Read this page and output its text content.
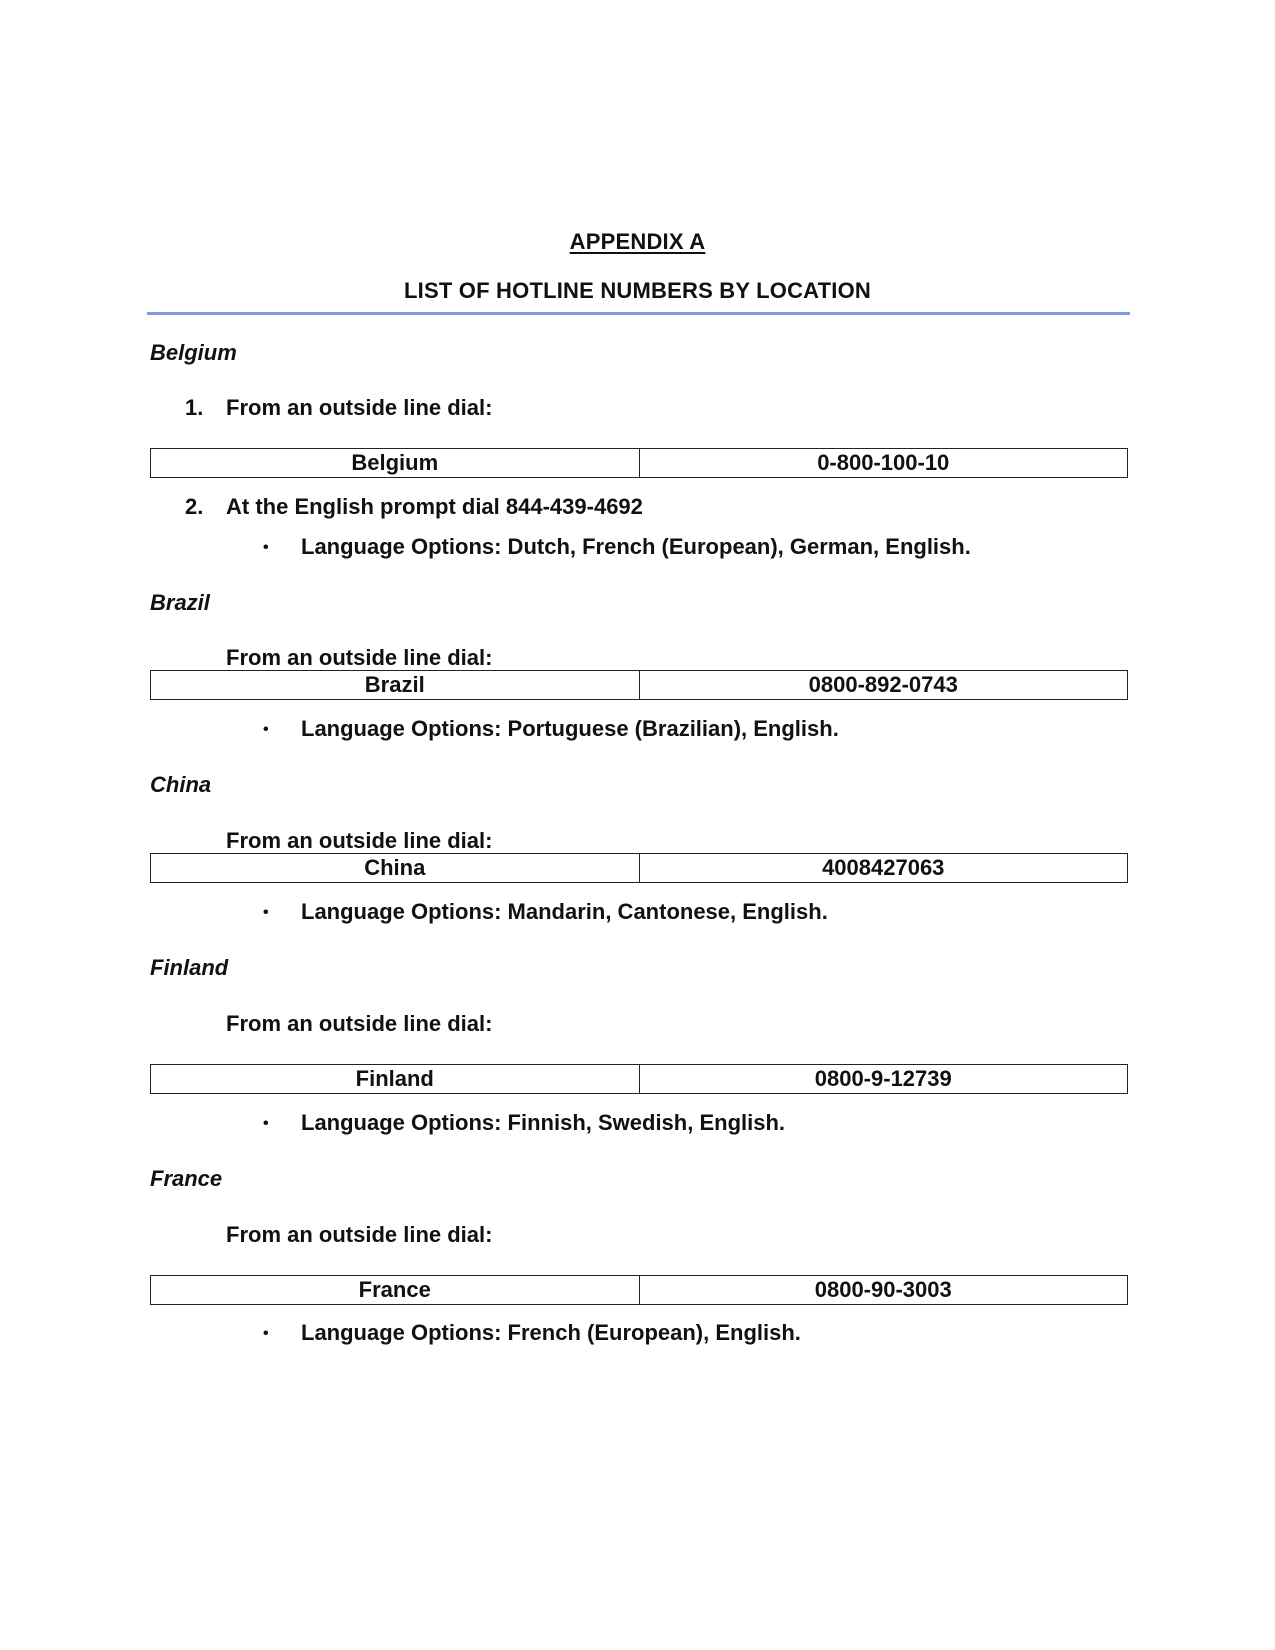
APPENDIX A
LIST OF HOTLINE NUMBERS BY LOCATION
Belgium
1. From an outside line dial:
Belgium	0-800-100-10
2. At the English prompt dial 844-439-4692
• Language Options: Dutch, French (European), German, English.
Brazil
From an outside line dial:
Brazil	0800-892-0743
• Language Options: Portuguese (Brazilian), English.
China
From an outside line dial:
China	4008427063
• Language Options: Mandarin, Cantonese, English.
Finland
From an outside line dial:
Finland	0800-9-12739
• Language Options: Finnish, Swedish, English.
France
From an outside line dial:
France	0800-90-3003
• Language Options: French (European), English.
